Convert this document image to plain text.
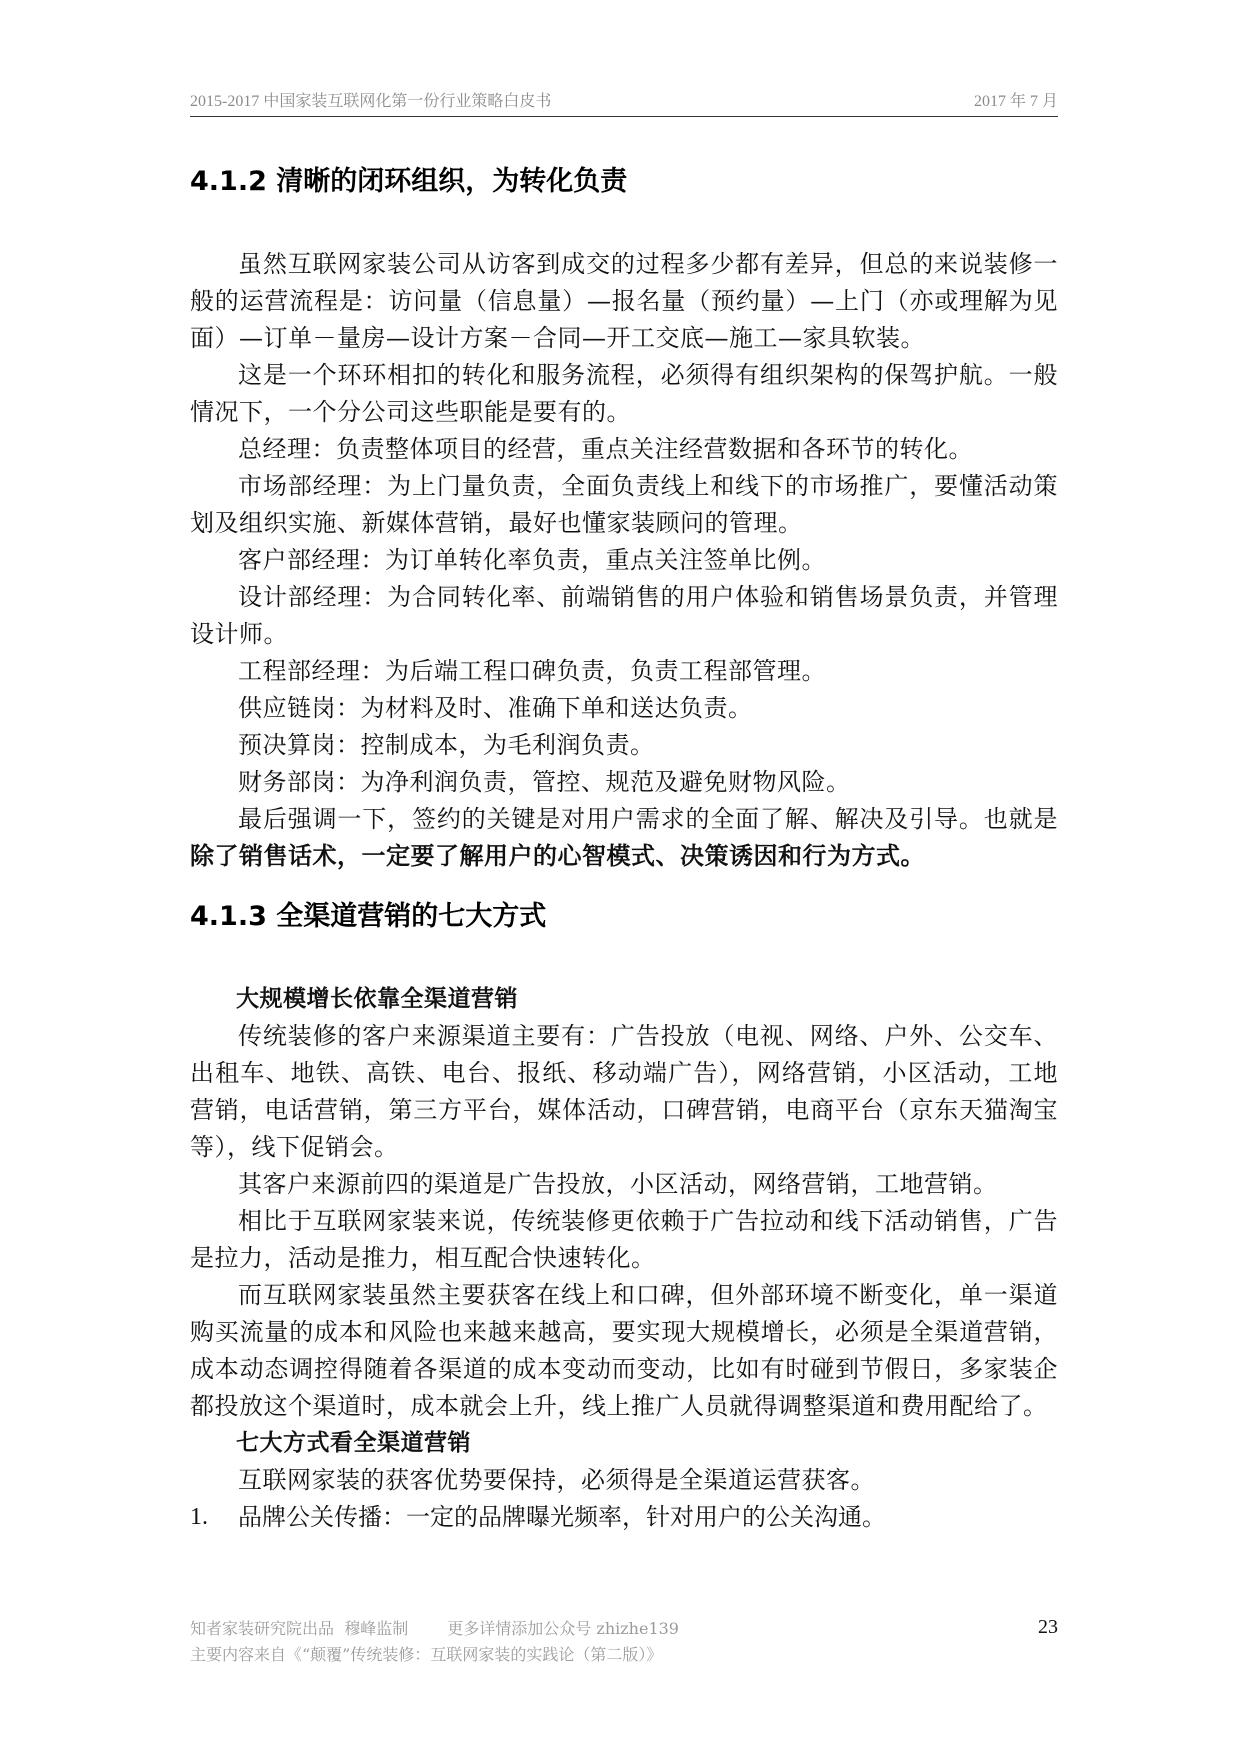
2015-2017 中国家装互联网化第一份行业策略白皮书	2017 年 7 月
4.1.2 清晰的闭环组织，为转化负责

虽然互联网家装公司从访客到成交的过程多少都有差异，但总的来说装修一般的运营流程是：访问量（信息量）—报名量（预约量）—上门（亦或理解为见面）—订单－量房—设计方案－合同—开工交底—施工—家具软装。

这是一个环环相扣的转化和服务流程，必须得有组织架构的保驾护航。一般情况下，一个分公司这些职能是要有的。

总经理：负责整体项目的经营，重点关注经营数据和各环节的转化。

市场部经理：为上门量负责，全面负责线上和线下的市场推广，要懂活动策划及组织实施、新媒体营销，最好也懂家装顾问的管理。

客户部经理：为订单转化率负责，重点关注签单比例。

设计部经理：为合同转化率、前端销售的用户体验和销售场景负责，并管理设计师。

工程部经理：为后端工程口碑负责，负责工程部管理。

供应链岗：为材料及时、准确下单和送达负责。

预决算岗：控制成本，为毛利润负责。

财务部岗：为净利润负责，管控、规范及避免财物风险。

最后强调一下，签约的关键是对用户需求的全面了解、解决及引导。也就是除了销售话术，一定要了解用户的心智模式、决策诱因和行为方式。

4.1.3 全渠道营销的七大方式

大规模增长依靠全渠道营销

传统装修的客户来源渠道主要有：广告投放（电视、网络、户外、公交车、出租车、地铁、高铁、电台、报纸、移动端广告），网络营销，小区活动，工地营销，电话营销，第三方平台，媒体活动，口碑营销，电商平台（京东天猫淘宝等），线下促销会。

其客户来源前四的渠道是广告投放，小区活动，网络营销，工地营销。

相比于互联网家装来说，传统装修更依赖于广告拉动和线下活动销售，广告是拉力，活动是推力，相互配合快速转化。

而互联网家装虽然主要获客在线上和口碑，但外部环境不断变化，单一渠道购买流量的成本和风险也来越来越高，要实现大规模增长，必须是全渠道营销，成本动态调控得随着各渠道的成本变动而变动，比如有时碰到节假日，多家装企都投放这个渠道时，成本就会上升，线上推广人员就得调整渠道和费用配给了。

七大方式看全渠道营销

互联网家装的获客优势要保持，必须得是全渠道运营获客。

1.	品牌公关传播：一定的品牌曝光频率，针对用户的公关沟通。
知者家装研究院出品 穆峰监制 更多详情添加公众号 zhizhe139	23
主要内容来自《“颠覆”传统装修：互联网家装的实践论（第二版）》
